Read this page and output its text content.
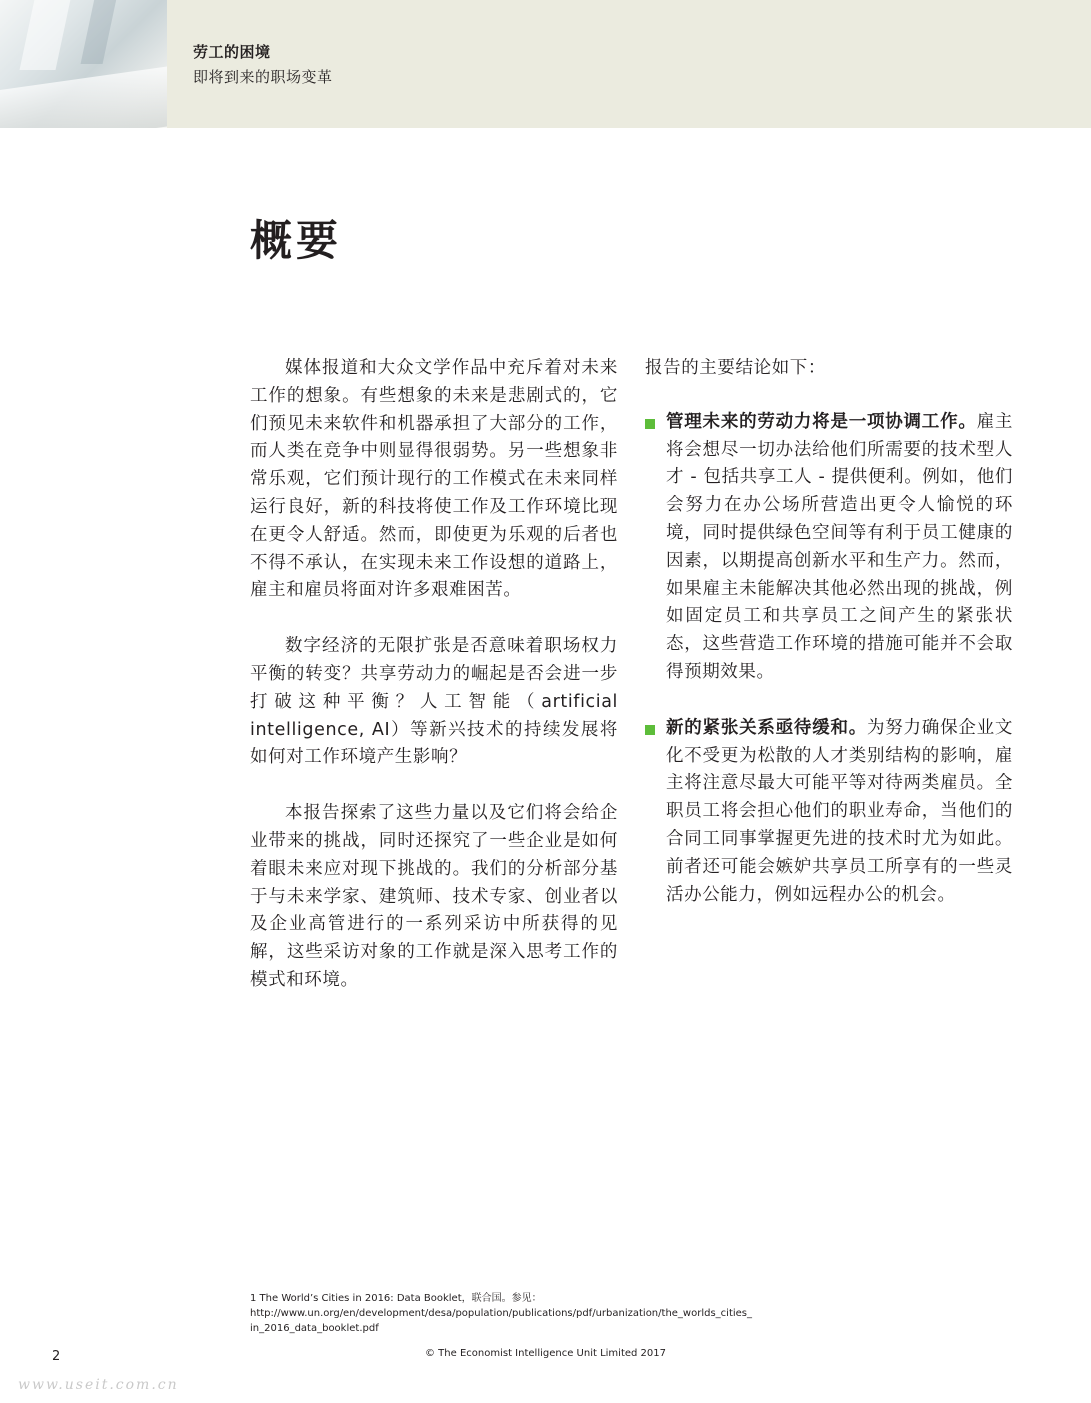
劳工的困境

即将到来的职场变革

概要

媒体报道和大众文学作品中充斥着对未来工作的想象。有些想象的未来是悲剧式的，它们预见未来软件和机器承担了大部分的工作，而人类在竞争中则显得很弱势。另一些想象非常乐观，它们预计现行的工作模式在未来同样运行良好，新的科技将使工作及工作环境比现在更令人舒适。然而，即使更为乐观的后者也不得不承认，在实现未来工作设想的道路上，雇主和雇员将面对许多艰难困苦。

数字经济的无限扩张是否意味着职场权力平衡的转变？共享劳动力的崛起是否会进一步打破这种平衡？人工智能（artificial intelligence, AI）等新兴技术的持续发展将如何对工作环境产生影响？

本报告探索了这些力量以及它们将会给企业带来的挑战，同时还探究了一些企业是如何着眼未来应对现下挑战的。我们的分析部分基于与未来学家、建筑师、技术专家、创业者以及企业高管进行的一系列采访中所获得的见解，这些采访对象的工作就是深入思考工作的模式和环境。

报告的主要结论如下：

管理未来的劳动力将是一项协调工作。雇主将会想尽一切办法给他们所需要的技术型人才 - 包括共享工人 - 提供便利。例如，他们会努力在办公场所营造出更令人愉悦的环境，同时提供绿色空间等有利于员工健康的因素，以期提高创新水平和生产力。然而，如果雇主未能解决其他必然出现的挑战，例如固定员工和共享员工之间产生的紧张状态，这些营造工作环境的措施可能并不会取得预期效果。
新的紧张关系亟待缓和。为努力确保企业文化不受更为松散的人才类别结构的影响，雇主将注意尽最大可能平等对待两类雇员。全职员工将会担心他们的职业寿命，当他们的合同工同事掌握更先进的技术时尤为如此。前者还可能会嫉妒共享员工所享有的一些灵活办公能力，例如远程办公的机会。
1 The World’s Cities in 2016: Data Booklet，联合国。参见： http://www.un.org/en/development/desa/population/publications/pdf/urbanization/the_worlds_cities_
in_2016_data_booklet.pdf
2	© The Economist Intelligence Unit Limited 2017
www.useit.com.cn
